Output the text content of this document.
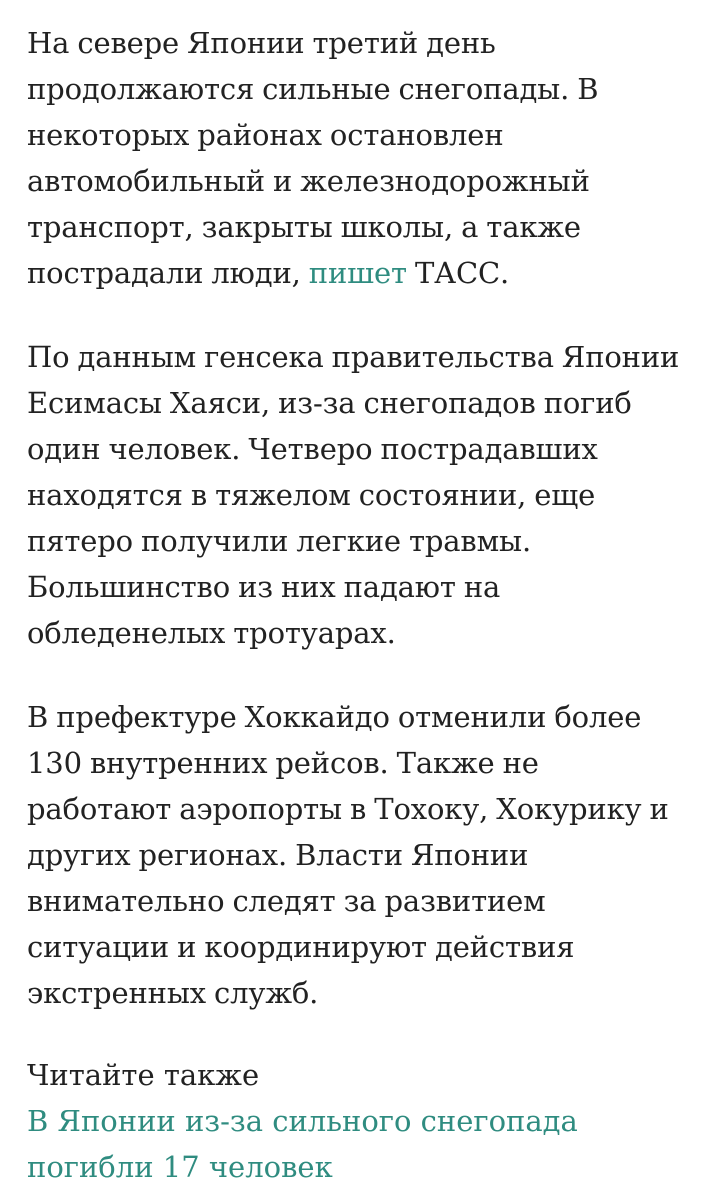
На севере Японии третий день продолжаются сильные снегопады. В некоторых районах остановлен автомобильный и железнодорожный транспорт, закрыты школы, а также пострадали люди, пишет ТАСС.

По данным генсека правительства Японии Есимасы Хаяси, из-за снегопадов погиб один человек. Четверо пострадавших находятся в тяжелом состоянии, еще пятеро получили легкие травмы. Большинство из них падают на обледенелых тротуарах.

В префектуре Хоккайдо отменили более 130 внутренних рейсов. Также не работают аэропорты в Тохоку, Хокурику и других регионах. Власти Японии внимательно следят за развитием ситуации и координируют действия экстренных служб.

Читайте также
В Японии из-за сильного снегопада погибли 17 человек
